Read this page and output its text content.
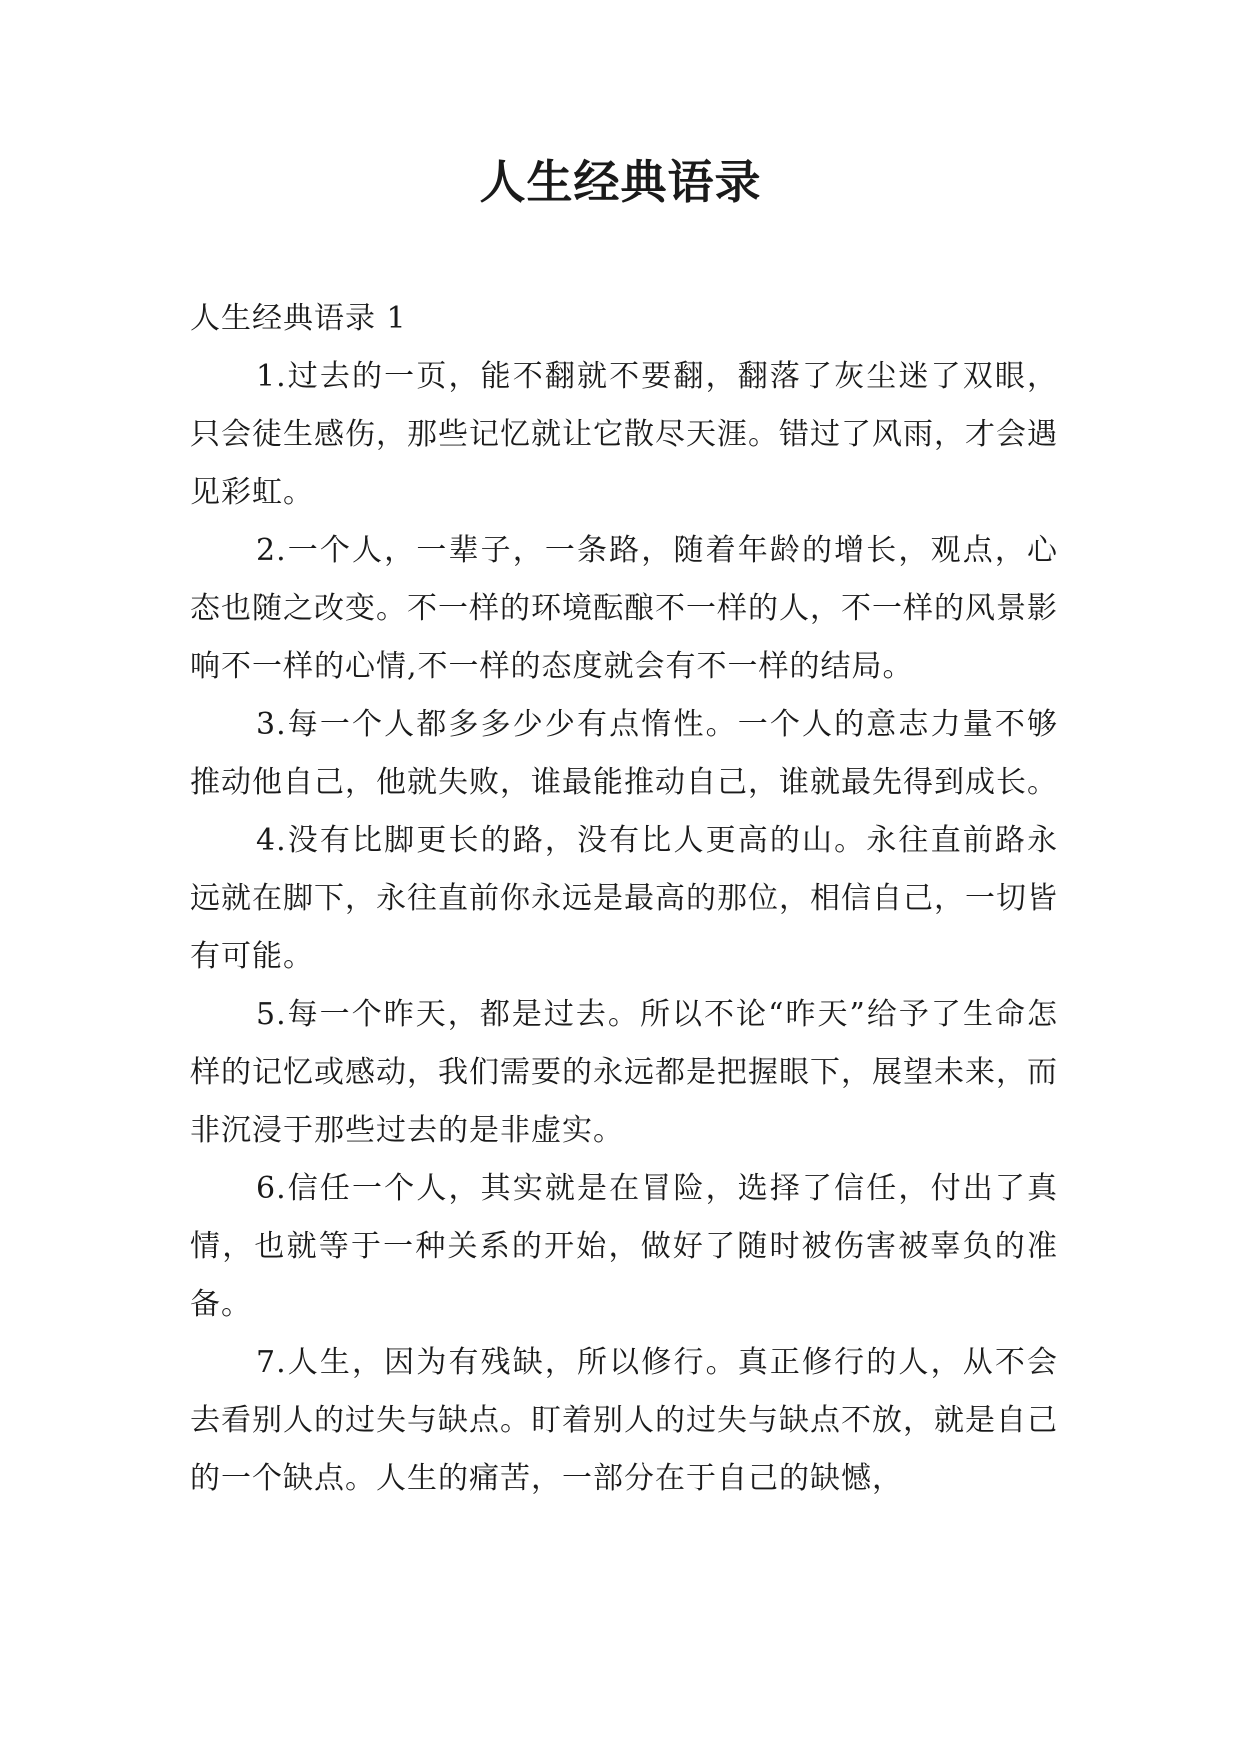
人生经典语录

人生经典语录 1

1.过去的一页，能不翻就不要翻，翻落了灰尘迷了双眼，只会徒生感伤，那些记忆就让它散尽天涯。错过了风雨，才会遇见彩虹。

2.一个人，一辈子，一条路，随着年龄的增长，观点，心态也随之改变。不一样的环境酝酿不一样的人，不一样的风景影响不一样的心情,不一样的态度就会有不一样的结局。

3.每一个人都多多少少有点惰性。一个人的意志力量不够推动他自己，他就失败，谁最能推动自己，谁就最先得到成长。

4.没有比脚更长的路，没有比人更高的山。永往直前路永远就在脚下，永往直前你永远是最高的那位，相信自己，一切皆有可能。

5.每一个昨天，都是过去。所以不论“昨天”给予了生命怎样的记忆或感动，我们需要的永远都是把握眼下，展望未来，而非沉浸于那些过去的是非虚实。

6.信任一个人，其实就是在冒险，选择了信任，付出了真情，也就等于一种关系的开始，做好了随时被伤害被辜负的准备。

7.人生，因为有残缺，所以修行。真正修行的人，从不会去看别人的过失与缺点。盯着别人的过失与缺点不放，就是自己的一个缺点。人生的痛苦，一部分在于自己的缺憾，
